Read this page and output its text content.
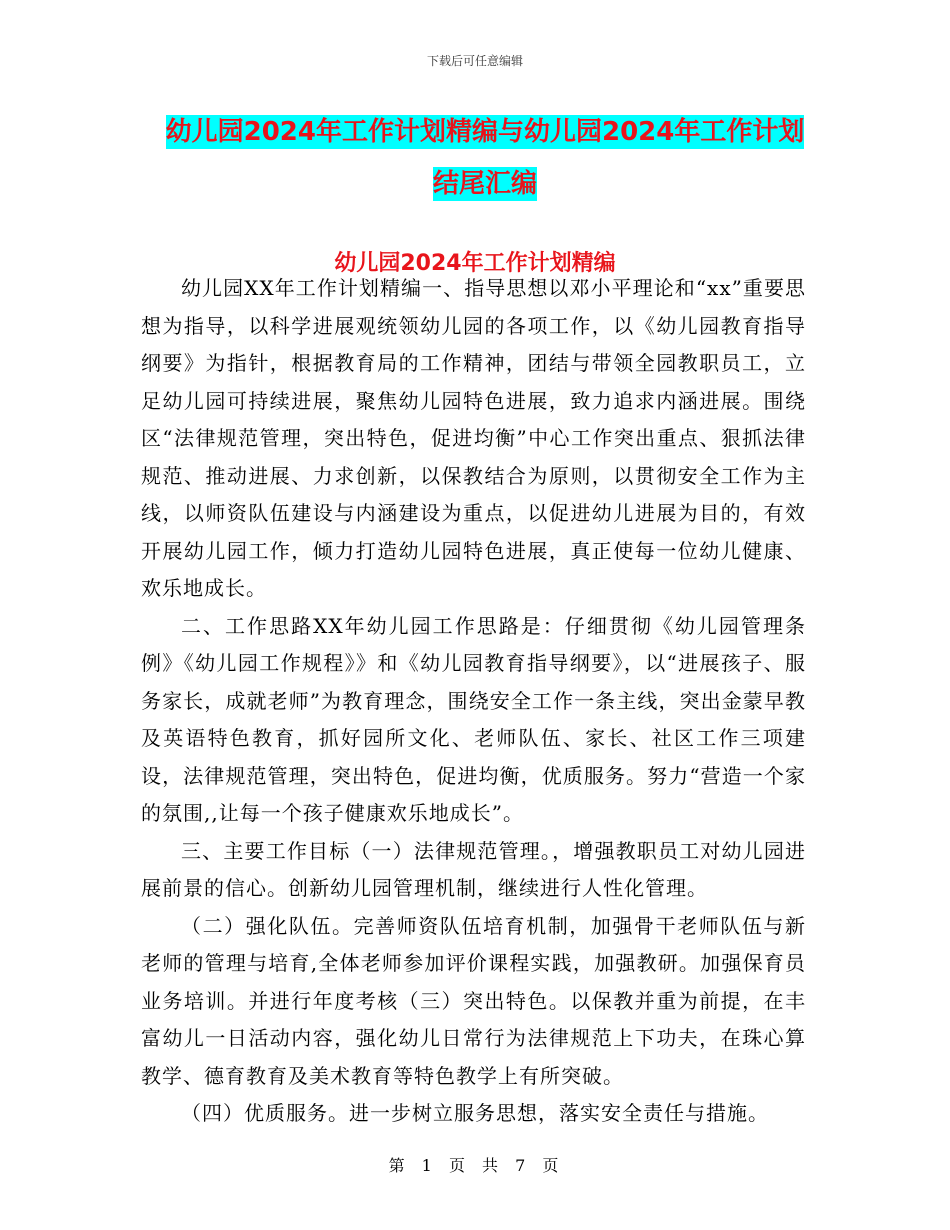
下载后可任意编辑
幼儿园2024年工作计划精编与幼儿园2024年工作计划结尾汇编
幼儿园2024年工作计划精编

幼儿园XX年工作计划精编一、指导思想以邓小平理论和“xx”重要思想为指导，以科学进展观统领幼儿园的各项工作，以《幼儿园教育指导纲要》为指针，根据教育局的工作精神，团结与带领全园教职员工，立足幼儿园可持续进展，聚焦幼儿园特色进展，致力追求内涵进展。围绕区“法律规范管理，突出特色，促进均衡”中心工作突出重点、狠抓法律规范、推动进展、力求创新，以保教结合为原则，以贯彻安全工作为主线，以师资队伍建设与内涵建设为重点，以促进幼儿进展为目的，有效开展幼儿园工作，倾力打造幼儿园特色进展，真正使每一位幼儿健康、欢乐地成长。

二、工作思路XX年幼儿园工作思路是：仔细贯彻《幼儿园管理条例》《幼儿园工作规程》》和《幼儿园教育指导纲要》，以“进展孩子、服务家长，成就老师”为教育理念，围绕安全工作一条主线，突出金蒙早教及英语特色教育，抓好园所文化、老师队伍、家长、社区工作三项建设，法律规范管理，突出特色，促进均衡，优质服务。努力“营造一个家的氛围,,让每一个孩子健康欢乐地成长”。

三、主要工作目标（一）法律规范管理。，增强教职员工对幼儿园进展前景的信心。创新幼儿园管理机制，继续进行人性化管理。

（二）强化队伍。完善师资队伍培育机制，加强骨干老师队伍与新老师的管理与培育,全体老师参加评价课程实践，加强教研。加强保育员业务培训。并进行年度考核（三）突出特色。以保教并重为前提，在丰富幼儿一日活动内容，强化幼儿日常行为法律规范上下功夫，在珠心算教学、德育教育及美术教育等特色教学上有所突破。

（四）优质服务。进一步树立服务思想，落实安全责任与措施。

第 1 页 共 7 页
